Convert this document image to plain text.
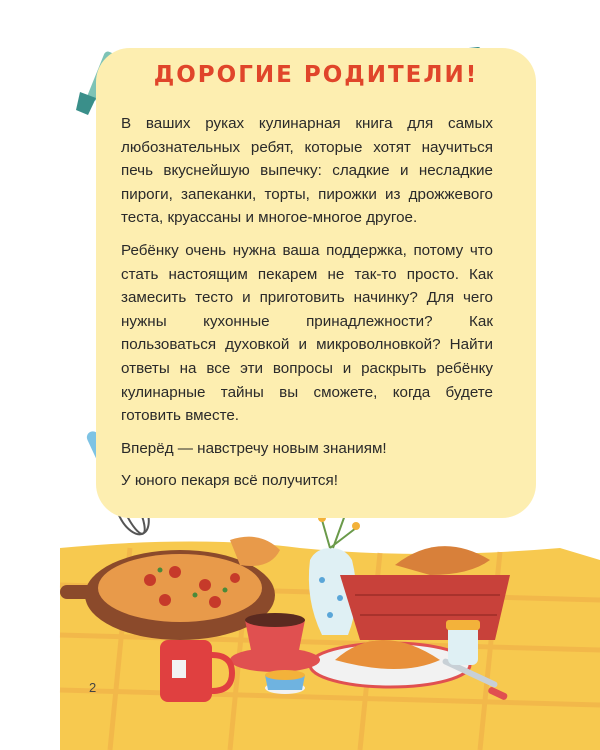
ДОРОГИЕ РОДИТЕЛИ!

В ваших руках кулинарная книга для самых любознательных ребят, которые хотят научиться печь вкуснейшую выпечку: сладкие и несладкие пироги, запеканки, торты, пирожки из дрожжевого теста, круассаны и многое-многое другое.

Ребёнку очень нужна ваша поддержка, потому что стать настоящим пекарем не так-то просто. Как замесить тесто и приготовить начинку? Для чего нужны кухонные принадлежности? Как пользоваться духовкой и микроволновкой? Найти ответы на все эти вопросы и раскрыть ребёнку кулинарные тайны вы сможете, когда будете готовить вместе.

Вперёд — навстречу новым знаниям!

У юного пекаря всё получится!

2
